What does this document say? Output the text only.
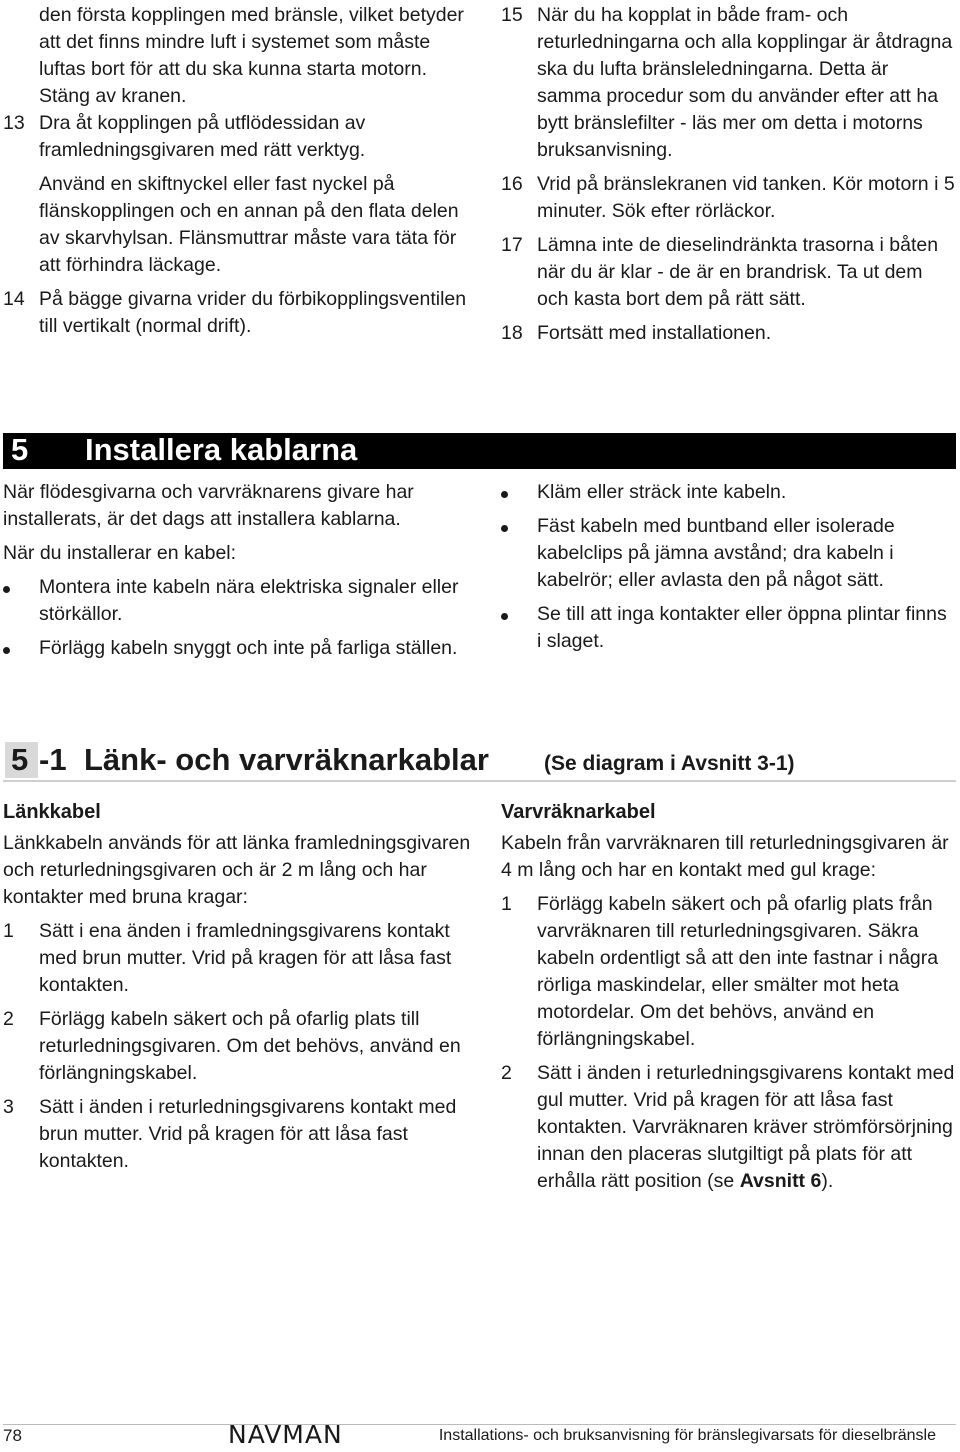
den första kopplingen med bränsle, vilket betyder att det finns mindre luft i systemet som måste luftas bort för att du ska kunna starta motorn. Stäng av kranen.

13 Dra åt kopplingen på utflödessidan av framledningsgivaren med rätt verktyg.

Använd en skiftnyckel eller fast nyckel på flänskopplingen och en annan på den flata delen av skarvhylsan. Flänsmuttrar måste vara täta för att förhindra läckage.

14 På bägge givarna vrider du förbikopplingsventilen till vertikalt (normal drift).

15 När du ha kopplat in både fram- och returledningarna och alla kopplingar är åtdragna ska du lufta bränsleledningarna. Detta är samma procedur som du använder efter att ha bytt bränslefilter - läs mer om detta i motorns bruksanvisning.

16 Vrid på bränslekranen vid tanken. Kör motorn i 5 minuter. Sök efter rörläckor.

17 Lämna inte de dieselindränkta trasorna i båten när du är klar - de är en brandrisk. Ta ut dem och kasta bort dem på rätt sätt.

18 Fortsätt med installationen.

5 Installera kablarna

När flödesgivarna och varvräknarens givare har installerats, är det dags att installera kablarna.

När du installerar en kabel:

Montera inte kabeln nära elektriska signaler eller störkällor.

Förlägg kabeln snyggt och inte på farliga ställen.

Kläm eller sträck inte kabeln.

Fäst kabeln med buntband eller isolerade kabelclips på jämna avstånd; dra kabeln i kabelrör; eller avlasta den på något sätt.

Se till att inga kontakter eller öppna plintar finns i slaget.

5 -1 Länk- och varvräknarkablar	(Se diagram i Avsnitt 3-1)

Länkkabel

Länkkabeln används för att länka framledningsgivaren och returledningsgivaren och är 2 m lång och har kontakter med bruna kragar:

1 Sätt i ena änden i framledningsgivarens kontakt med brun mutter. Vrid på kragen för att låsa fast kontakten.

2 Förlägg kabeln säkert och på ofarlig plats till returledningsgivaren. Om det behövs, använd en förlängningskabel.

3 Sätt i änden i returledningsgivarens kontakt med brun mutter. Vrid på kragen för att låsa fast kontakten.

Varvräknarkabel

Kabeln från varvräknaren till returledningsgivaren är 4 m lång och har en kontakt med gul krage:

1 Förlägg kabeln säkert och på ofarlig plats från varvräknaren till returledningsgivaren. Säkra kabeln ordentligt så att den inte fastnar i några rörliga maskindelar, eller smälter mot heta motordelar. Om det behövs, använd en förlängningskabel.

2 Sätt i änden i returledningsgivarens kontakt med gul mutter. Vrid på kragen för att låsa fast kontakten. Varvräknaren kräver strömförsörjning innan den placeras slutgiltigt på plats för att erhålla rätt position (se Avsnitt 6).

78	NAVMAN	Installations- och bruksanvisning för bränslegivarsats för dieselbränsle
